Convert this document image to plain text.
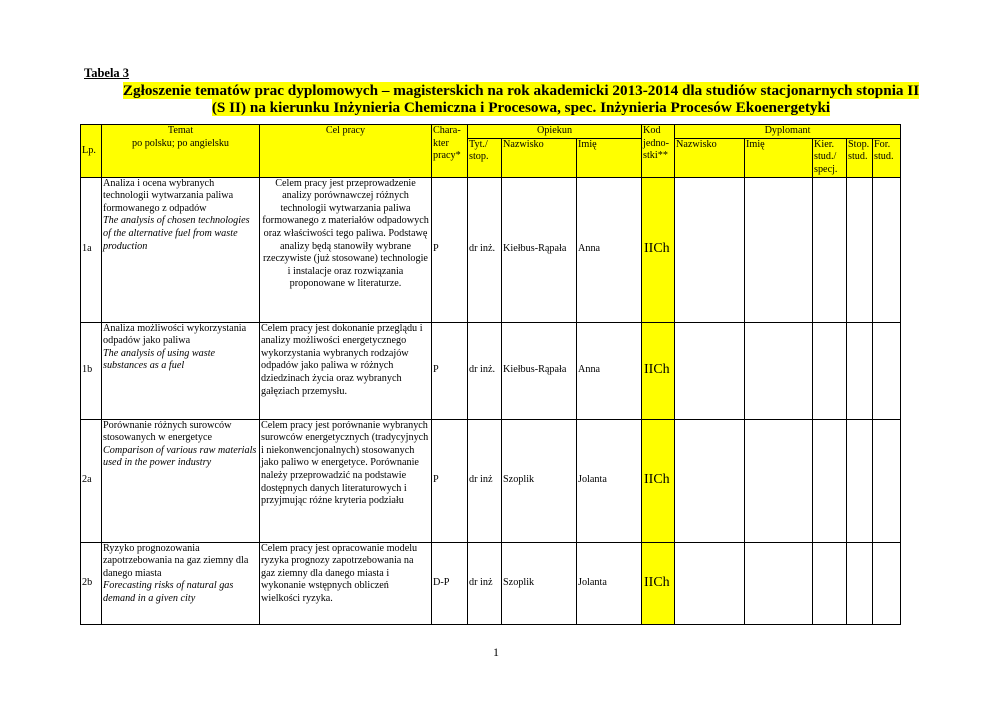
Tabela 3
Zgłoszenie tematów prac dyplomowych – magisterskich na rok akademicki 2013-2014 dla studiów stacjonarnych stopnia II
(S II) na kierunku Inżynieria Chemiczna i Procesowa, spec. Inżynieria Procesów Ekoenergetyki
Lp.	Temat
po polsku; po angielsku	Cel pracy	Chara-kter pracy*	Opiekun			Kod jedno-stki**	Dyplomant				
				Tyt./ stop.	Nazwisko	Imię		Nazwisko	Imię	Kier. stud./ specj.	Stop. stud.	For. stud.
1a	Analiza i ocena wybranych technologii wytwarzania paliwa formowanego z odpadów
The analysis of chosen technologies of the alternative fuel from waste production	Celem pracy jest przeprowadzenie analizy porównawczej różnych technologii wytwarzania paliwa formowanego z materiałów odpadowych oraz właściwości tego paliwa. Podstawę analizy będą stanowiły wybrane rzeczywiste (już stosowane) technologie i instalacje oraz rozwiązania proponowane w literaturze.	P	dr inż.	Kiełbus-Rąpała	Anna	IICh					
1b	Analiza możliwości wykorzystania odpadów jako paliwa
The analysis of using waste substances as a fuel	Celem pracy jest dokonanie przeglądu i analizy możliwości energetycznego wykorzystania wybranych rodzajów odpadów jako paliwa w różnych dziedzinach życia oraz wybranych gałęziach przemysłu.	P	dr inż.	Kiełbus-Rąpała	Anna	IICh					
2a	Porównanie różnych surowców stosowanych w energetyce
Comparison of various raw materials used in the power industry	Celem pracy jest porównanie wybranych surowców energetycznych (tradycyjnych i niekonwencjonalnych) stosowanych jako paliwo w energetyce. Porównanie należy przeprowadzić na podstawie dostępnych danych literaturowych i przyjmując różne kryteria podziału	P	dr inż	Szoplik	Jolanta	IICh					
2b	Ryzyko prognozowania zapotrzebowania na gaz ziemny dla danego miasta
Forecasting risks of natural gas demand in a given city	Celem pracy jest opracowanie modelu ryzyka prognozy zapotrzebowania na gaz ziemny dla danego miasta i wykonanie wstępnych obliczeń wielkości ryzyka.	D-P	dr inż	Szoplik	Jolanta	IICh					
1
